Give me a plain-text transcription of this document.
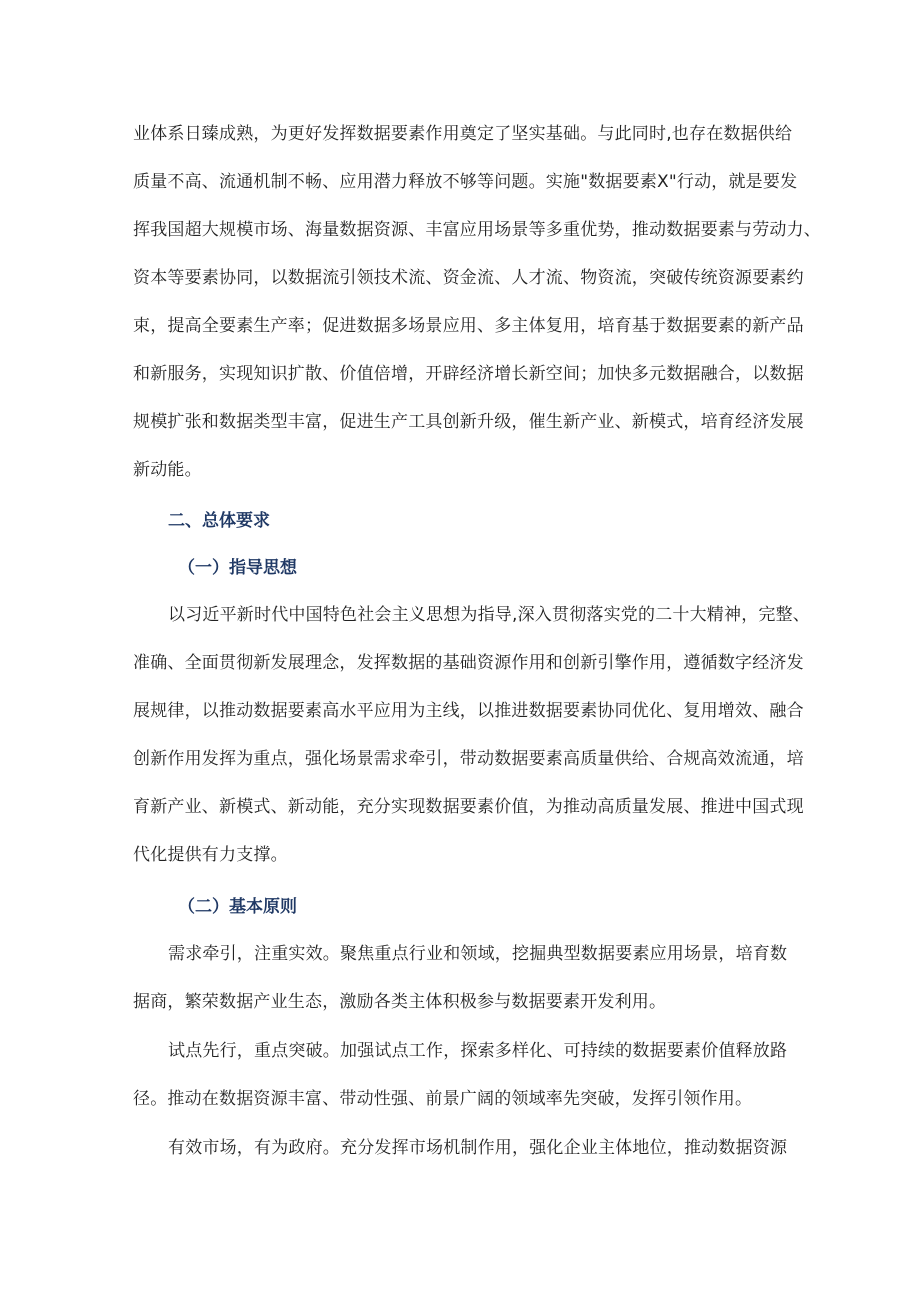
业体系日臻成熟，为更好发挥数据要素作用奠定了坚实基础。与此同时,也存在数据供给
质量不高、流通机制不畅、应用潜力释放不够等问题。实施"数据要素X"行动，就是要发
挥我国超大规模市场、海量数据资源、丰富应用场景等多重优势，推动数据要素与劳动力、
资本等要素协同，以数据流引领技术流、资金流、人才流、物资流，突破传统资源要素约
束，提高全要素生产率；促进数据多场景应用、多主体复用，培育基于数据要素的新产品
和新服务，实现知识扩散、价值倍增，开辟经济增长新空间；加快多元数据融合，以数据
规模扩张和数据类型丰富，促进生产工具创新升级，催生新产业、新模式，培育经济发展
新动能。
二、总体要求
（一）指导思想
以习近平新时代中国特色社会主义思想为指导,深入贯彻落实党的二十大精神，完整、
准确、全面贯彻新发展理念，发挥数据的基础资源作用和创新引擎作用，遵循数字经济发
展规律，以推动数据要素高水平应用为主线，以推进数据要素协同优化、复用增效、融合
创新作用发挥为重点，强化场景需求牵引，带动数据要素高质量供给、合规高效流通，培
育新产业、新模式、新动能，充分实现数据要素价值，为推动高质量发展、推进中国式现
代化提供有力支撑。
（二）基本原则
需求牵引，注重实效。聚焦重点行业和领域，挖掘典型数据要素应用场景，培育数
据商，繁荣数据产业生态，激励各类主体积极参与数据要素开发利用。
试点先行，重点突破。加强试点工作，探索多样化、可持续的数据要素价值释放路
径。推动在数据资源丰富、带动性强、前景广阔的领域率先突破，发挥引领作用。
有效市场，有为政府。充分发挥市场机制作用，强化企业主体地位，推动数据资源
